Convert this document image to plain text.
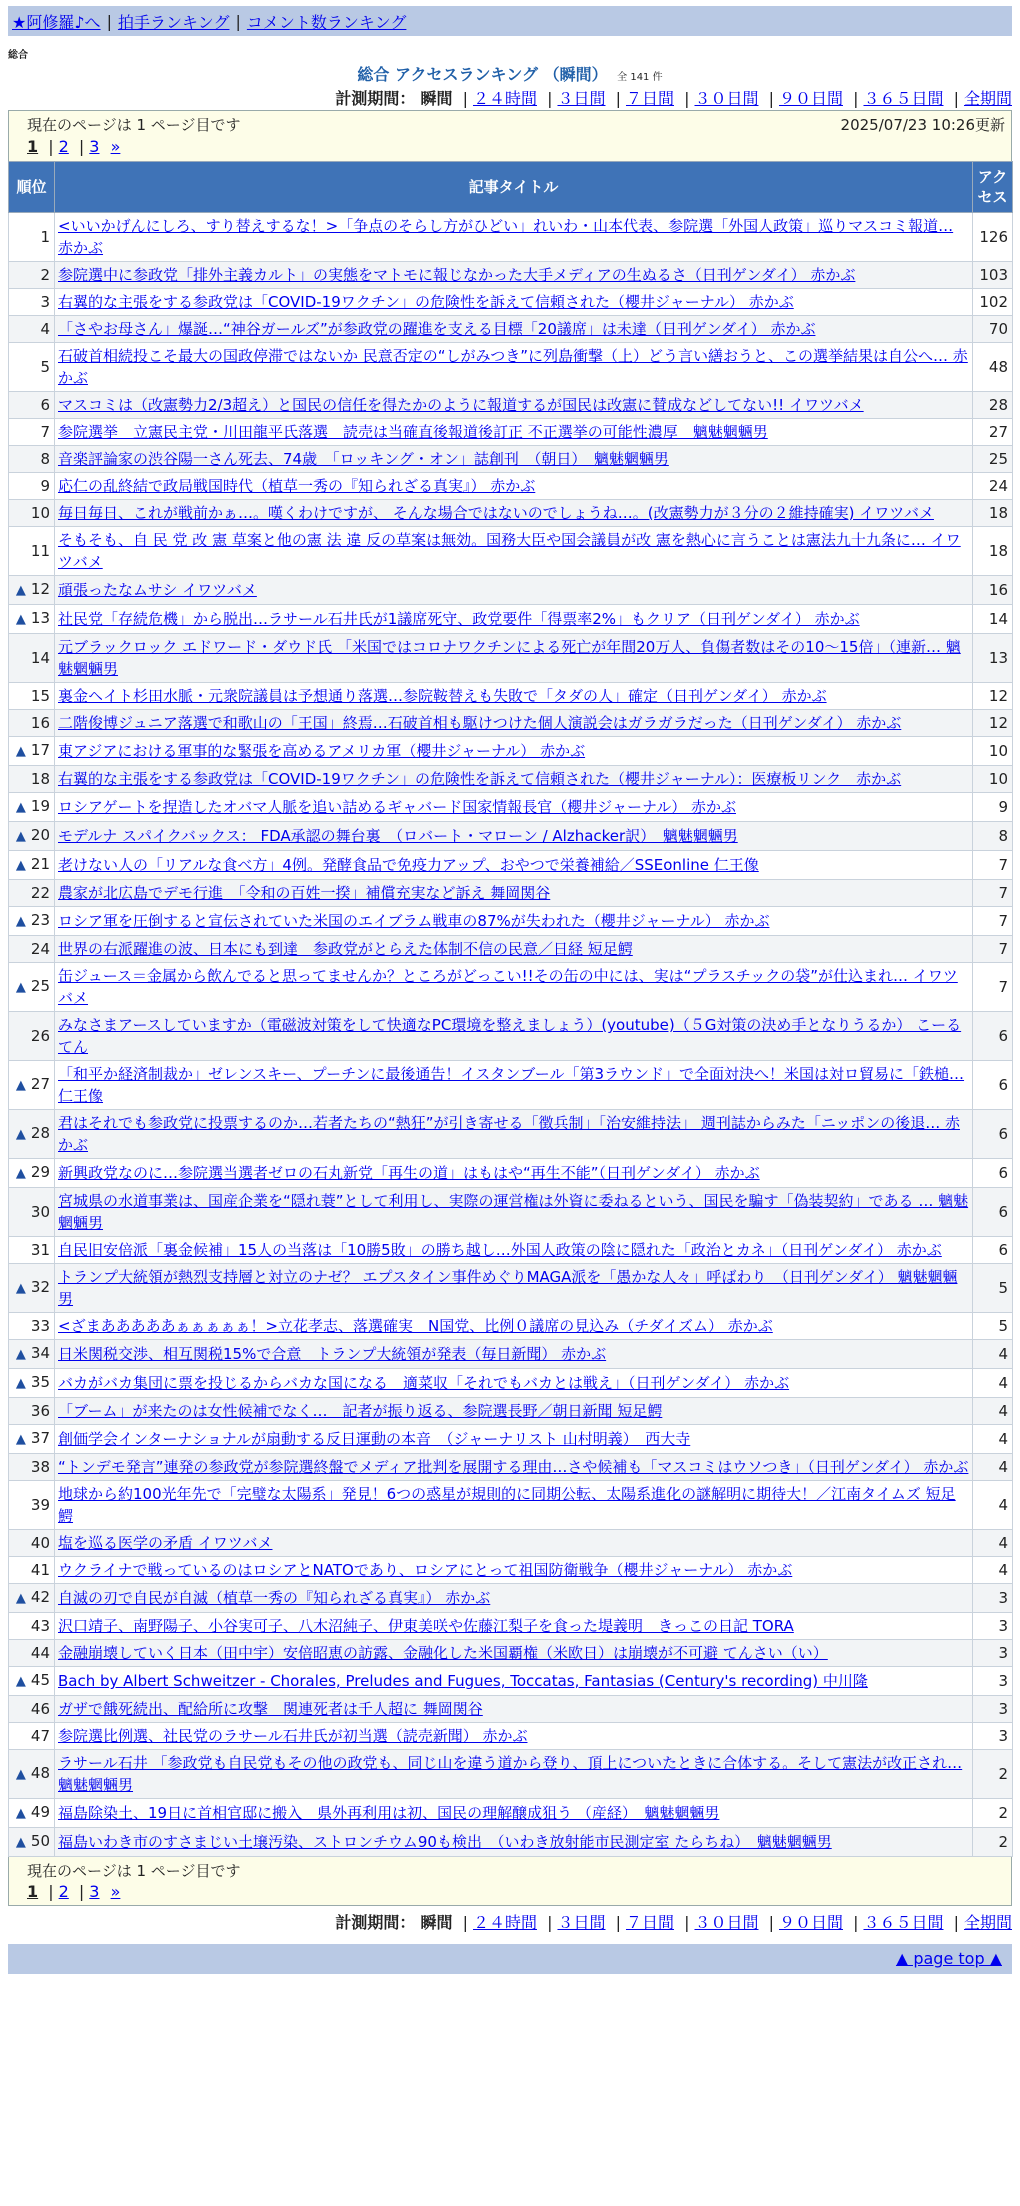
★阿修羅♪へ | 拍手ランキング | コメント数ランキング
総合
総合 アクセスランキング （瞬間） 全 141 件
計測期間： 瞬間 | ２４時間 | ３日間 | ７日間 | ３０日間 | ９０日間 | ３６５日間 | 全期間
現在のページは 1 ページ目です	2025/07/23 10:26更新
1 | 2 | 3 »
順位	記事タイトル	アクセス
1	<いいかげんにしろ、すり替えするな！>「争点のそらし方がひどい」れいわ・山本代表、参院選「外国人政策」巡りマスコミ報道… 赤かぶ	126
2	参院選中に参政党「排外主義カルト」の実態をマトモに報じなかった大手メディアの生ぬるさ（日刊ゲンダイ） 赤かぶ	103
3	右翼的な主張をする参政党は「COVID-19ワクチン」の危険性を訴えて信頼された（櫻井ジャーナル） 赤かぶ	102
4	「さやお母さん」爆誕…“神谷ガールズ”が参政党の躍進を支える目標「20議席」は未達（日刊ゲンダイ） 赤かぶ	70
5	石破首相続投こそ最大の国政停滞ではないか 民意否定の“しがみつき”に列島衝撃（上）どう言い繕おうと、この選挙結果は自公へ… 赤かぶ	48
6	マスコミは（改憲勢力2/3超え）と国民の信任を得たかのように報道するが国民は改憲に賛成などしてない!! イワツバメ	28
7	参院選挙　立憲民主党・川田龍平氏落選　読売は当確直後報道後訂正 不正選挙の可能性濃厚　魑魅魍魎男	27
8	音楽評論家の渋谷陽一さん死去、74歳　「ロッキング・オン」誌創刊　（朝日）　魑魅魍魎男	25
9	応仁の乱終結で政局戦国時代（植草一秀の『知られざる真実』） 赤かぶ	24
10	毎日毎日、これが戦前かぁ…。嘆くわけですが、 そんな場合ではないのでしょうね…。(改憲勢力が３分の２維持確実) イワツバメ	18
11	そもそも、自 民 党 改 憲 草案と他の憲 法 違 反の草案は無効。国務大臣や国会議員が改 憲を熱心に言うことは憲法九十九条に… イワツバメ	18
▲ 12	頑張ったなムサシ イワツバメ	16
▲ 13	社民党「存続危機」から脱出…ラサール石井氏が1議席死守、政党要件「得票率2%」もクリア（日刊ゲンダイ） 赤かぶ	14
14	元ブラックロック エドワード・ダウド氏 「米国ではコロナワクチンによる死亡が年間20万人、負傷者数はその10〜15倍」（連新… 魑魅魍魎男	13
15	裏金ヘイト杉田水脈・元衆院議員は予想通り落選…参院鞍替えも失敗で「タダの人」確定（日刊ゲンダイ） 赤かぶ	12
16	二階俊博ジュニア落選で和歌山の「王国」終焉…石破首相も駆けつけた個人演説会はガラガラだった（日刊ゲンダイ） 赤かぶ	12
▲ 17	東アジアにおける軍事的な緊張を高めるアメリカ軍（櫻井ジャーナル） 赤かぶ	10
18	右翼的な主張をする参政党は「COVID-19ワクチン」の危険性を訴えて信頼された（櫻井ジャーナル）：医療板リンク　赤かぶ	10
▲ 19	ロシアゲートを捏造したオバマ人脈を追い詰めるギャバード国家情報長官（櫻井ジャーナル） 赤かぶ	9
▲ 20	モデルナ スパイクバックス： FDA承認の舞台裏　（ロバート・マローン / Alzhacker訳）　魑魅魍魎男	8
▲ 21	老けない人の「リアルな食べ方」4例。発酵食品で免疫力アップ、おやつで栄養補給／SSEonline 仁王像	7
22	農家が北広島でデモ行進　「令和の百姓一揆」補償充実など訴え 舞岡関谷	7
▲ 23	ロシア軍を圧倒すると宣伝されていた米国のエイブラム戦車の87%が失われた（櫻井ジャーナル） 赤かぶ	7
24	世界の右派躍進の波、日本にも到達　参政党がとらえた体制不信の民意／日経 短足鰐	7
▲ 25	缶ジュース＝金属から飲んでると思ってませんか？ところがどっこい!!その缶の中には、実は“プラスチックの袋”が仕込まれ… イワツバメ	7
26	みなさまアースしていますか（電磁波対策をして快適なPC環境を整えましょう）(youtube)（５G対策の決め手となりうるか） こーるてん	6
▲ 27	「和平か経済制裁か」ゼレンスキー、プーチンに最後通告！イスタンブール「第3ラウンド」で全面対決へ！米国は対ロ貿易に「鉄槌… 仁王像	6
▲ 28	君はそれでも参政党に投票するのか…若者たちの“熱狂”が引き寄せる「徴兵制」「治安維持法」 週刊誌からみた「ニッポンの後退… 赤かぶ	6
▲ 29	新興政党なのに…参院選当選者ゼロの石丸新党「再生の道」はもはや“再生不能”（日刊ゲンダイ） 赤かぶ	6
30	宮城県の水道事業は、国産企業を“隠れ蓑”として利用し、実際の運営権は外資に委ねるという、国民を騙す「偽装契約」である … 魑魅魍魎男	6
31	自民旧安倍派「裏金候補」15人の当落は「10勝5敗」の勝ち越し…外国人政策の陰に隠れた「政治とカネ」（日刊ゲンダイ） 赤かぶ	6
▲ 32	トランプ大統領が熱烈支持層と対立のナゼ？ エプスタイン事件めぐりMAGA派を「愚かな人々」呼ばわり　（日刊ゲンダイ） 魑魅魍魎男	5
33	<ざまあああああぁぁぁぁぁ！>立花孝志、落選確実　N国党、比例０議席の見込み（チダイズム） 赤かぶ	5
▲ 34	日米関税交渉、相互関税15%で合意　トランプ大統領が発表（毎日新聞） 赤かぶ	4
▲ 35	バカがバカ集団に票を投じるからバカな国になる　適菜収「それでもバカとは戦え」（日刊ゲンダイ） 赤かぶ	4
36	「ブーム」が来たのは女性候補でなく…　記者が振り返る、参院選長野／朝日新聞 短足鰐	4
▲ 37	創価学会インターナショナルが扇動する反日運動の本音　（ジャーナリスト 山村明義）　西大寺	4
38	“トンデモ発言”連発の参政党が参院選終盤でメディア批判を展開する理由…さや候補も「マスコミはウソつき」（日刊ゲンダイ） 赤かぶ	4
39	地球から約100光年先で「完璧な太陽系」発見！6つの惑星が規則的に同期公転、太陽系進化の謎解明に期待大！／江南タイムズ 短足鰐	4
40	塩を巡る医学の矛盾 イワツバメ	4
41	ウクライナで戦っているのはロシアとNATOであり、ロシアにとって祖国防衛戦争（櫻井ジャーナル） 赤かぶ	4
▲ 42	自滅の刃で自民が自滅（植草一秀の『知られざる真実』） 赤かぶ	3
43	沢口靖子、南野陽子、小谷実可子、八木沼純子、伊東美咲や佐藤江梨子を食った堤義明　きっこの日記 TORA	3
44	金融崩壊していく日本（田中宇）安倍昭恵の訪露、金融化した米国覇権（米欧日）は崩壊が不可避 てんさい（い）	3
▲ 45	Bach by Albert Schweitzer - Chorales, Preludes and Fugues, Toccatas, Fantasias (Century's recording) 中川隆	3
46	ガザで餓死続出、配給所に攻撃　関連死者は千人超に 舞岡関谷	3
47	参院選比例選、社民党のラサール石井氏が初当選（読売新聞） 赤かぶ	3
▲ 48	ラサール石井 「参政党も自民党もその他の政党も、同じ山を違う道から登り、頂上についたときに合体する。そして憲法が改正され… 魑魅魍魎男	2
▲ 49	福島除染土、19日に首相官邸に搬入　県外再利用は初、国民の理解醸成狙う （産経）　魑魅魍魎男	2
▲ 50	福島いわき市のすさまじい土壌汚染、ストロンチウム90も検出　（いわき放射能市民測定室 たらちね）　魑魅魍魎男	2
現在のページは 1 ページ目です
1 | 2 | 3 »
計測期間： 瞬間 | ２４時間 | ３日間 | ７日間 | ３０日間 | ９０日間 | ３６５日間 | 全期間
▲ page top ▲
